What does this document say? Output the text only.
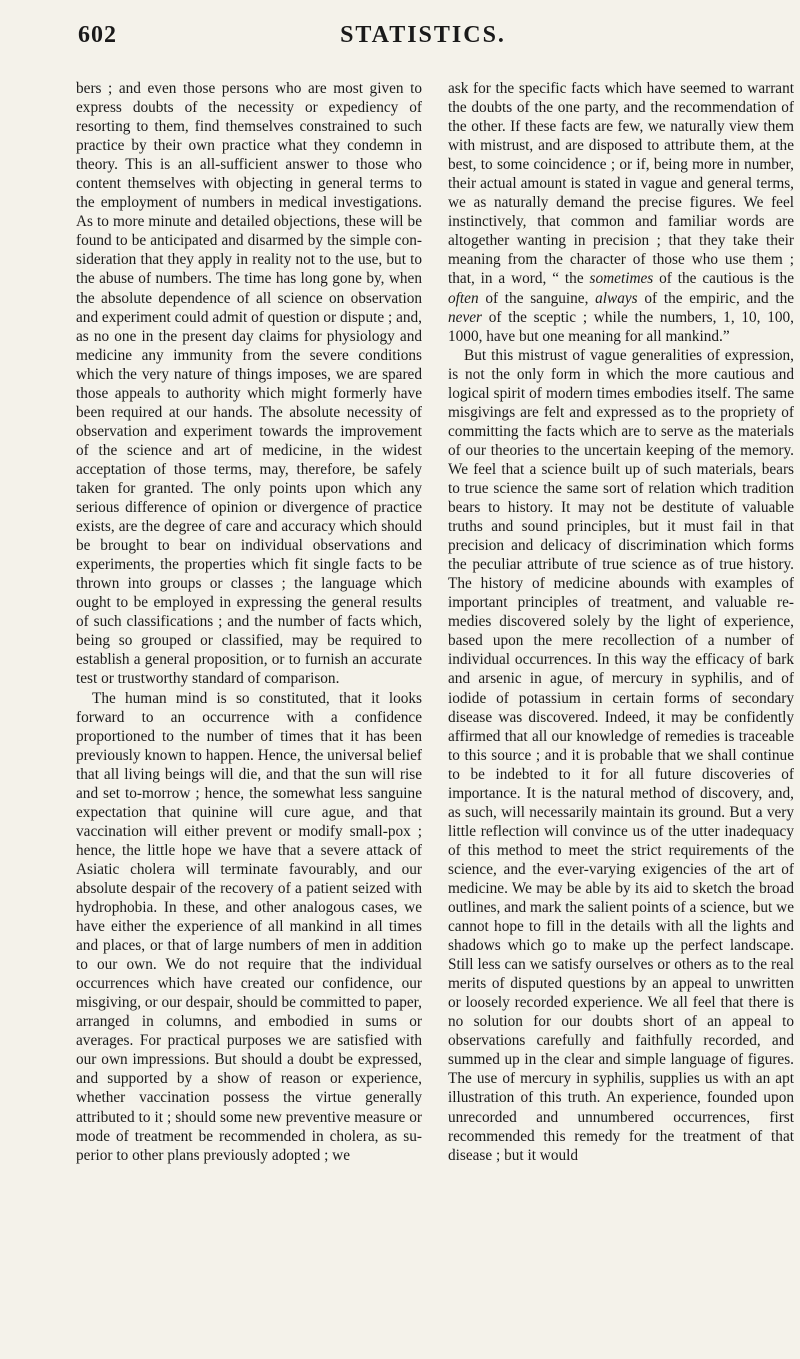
STATISTICS.
602

bers ; and even those persons who are most given to express doubts of the necessity or expediency of resorting to them, find themselves constrained to such practice by their own practice what they condemn in theory. This is an all-sufficient answer to those who content themselves with objecting in general terms to the employment of numbers in medical investigations. As to more minute and detailed objections, these will be found to be anticipated and disarmed by the simple consideration that they apply in reality not to the use, but to the abuse of numbers. The time has long gone by, when the absolute dependence of all science on observation and experiment could admit of question or dispute ; and, as no one in the present day claims for physiology and medicine any immunity from the severe conditions which the very nature of things imposes, we are spared those appeals to authority which might formerly have been required at our hands. The absolute necessity of observation and experiment towards the improvement of the science and art of medicine, in the widest acceptation of those terms, may, therefore, be safely taken for granted. The only points upon which any serious difference of opinion or divergence of practice exists, are the degree of care and accuracy which should be brought to bear on individual observations and experiments, the properties which fit single facts to be thrown into groups or classes ; the language which ought to be employed in expressing the general results of such classifications ; and the number of facts which, being so grouped or classified, may be required to establish a general proposition, or to furnish an accurate test or trustworthy standard of comparison.

The human mind is so constituted, that it looks forward to an occurrence with a confidence proportioned to the number of times that it has been previously known to happen. Hence, the universal belief that all living beings will die, and that the sun will rise and set to-morrow ; hence, the somewhat less sanguine expectation that quinine will cure ague, and that vaccination will either prevent or modify small-pox ; hence, the little hope we have that a severe attack of Asiatic cholera will terminate favourably, and our absolute despair of the recovery of a patient seized with hydrophobia. In these, and other analogous cases, we have either the experience of all mankind in all times and places, or that of large numbers of men in addition to our own. We do not require that the individual occurrences which have created our confidence, our misgiving, or our despair, should be committed to paper, arranged in columns, and embodied in sums or averages. For practical purposes we are satisfied with our own impressions. But should a doubt be expressed, and supported by a show of reason or experience, whether vaccination possess the virtue generally attributed to it ; should some new preventive measure or mode of treatment be recommended in cholera, as superior to other plans previously adopted ; we

ask for the specific facts which have seemed to warrant the doubts of the one party, and the recommendation of the other. If these facts are few, we naturally view them with mistrust, and are disposed to attribute them, at the best, to some coincidence ; or if, being more in number, their actual amount is stated in vague and general terms, we as naturally demand the precise figures. We feel instinctively, that common and familiar words are altogether wanting in precision ; that they take their meaning from the character of those who use them ; that, in a word, “ the sometimes of the cautious is the often of the sanguine, always of the empiric, and the never of the sceptic ; while the numbers, 1, 10, 100, 1000, have but one meaning for all mankind.”

But this mistrust of vague generalities of expression, is not the only form in which the more cautious and logical spirit of modern times embodies itself. The same misgivings are felt and expressed as to the propriety of committing the facts which are to serve as the materials of our theories to the uncertain keeping of the memory. We feel that a science built up of such materials, bears to true science the same sort of relation which tradition bears to history. It may not be destitute of valuable truths and sound principles, but it must fail in that precision and delicacy of discrimination which forms the peculiar attribute of true science as of true history. The history of medicine abounds with examples of important principles of treatment, and valuable remedies discovered solely by the light of experience, based upon the mere recollection of a number of individual occurrences. In this way the efficacy of bark and arsenic in ague, of mercury in syphilis, and of iodide of potassium in certain forms of secondary disease was discovered. Indeed, it may be confidently affirmed that all our knowledge of remedies is traceable to this source ; and it is probable that we shall continue to be indebted to it for all future discoveries of importance. It is the natural method of discovery, and, as such, will necessarily maintain its ground. But a very little reflection will convince us of the utter inadequacy of this method to meet the strict requirements of the science, and the ever-varying exigencies of the art of medicine. We may be able by its aid to sketch the broad outlines, and mark the salient points of a science, but we cannot hope to fill in the details with all the lights and shadows which go to make up the perfect landscape. Still less can we satisfy ourselves or others as to the real merits of disputed questions by an appeal to unwritten or loosely recorded experience. We all feel that there is no solution for our doubts short of an appeal to observations carefully and faithfully recorded, and summed up in the clear and simple language of figures. The use of mercury in syphilis, supplies us with an apt illustration of this truth. An experience, founded upon unrecorded and unnumbered occurrences, first recommended this remedy for the treatment of that disease ; but it would
